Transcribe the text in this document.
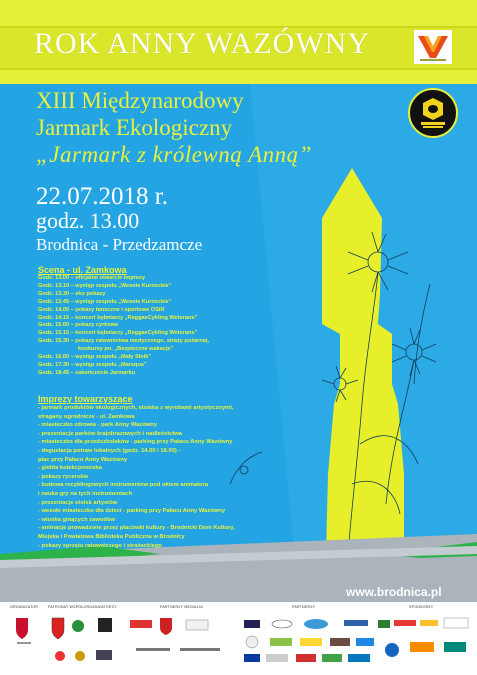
ROK ANNY WAZÓWNY
XIII Międzynarodowy
Jarmark Ekologiczny
„Jarmark z królewną Anną”
22.07.2018 r.
godz. 13.00
Brodnica - Przedzamcze
Scena - ul. Zamkowa
Godz. 13.00 – oficjalne otwarcie imprezy
Godz. 13.10 – występ zespołu „Wesele Kurneckie”
Godz. 13.30 – eko pokazy
Godz. 13.45 – występ zespołu „Wesele Kurneckie”
Godz. 14.00 – pokazy taneczne i sportowe OSiR
Godz. 14.15 – koncert bębniarzy „ReggaeCykling Weterans”
Godz. 15.00 – pokazy cyrkowe
Godz. 15.15 – koncert bębniarzy „ReggaeCykling Weterans”
Godz. 15.30 – pokazy ratownictwa medycznego, straży pożarnej,
konkursy pn. „Bezpieczne wakacje”
Godz. 16.00 – występ zespołu „Mały Słoik”
Godz. 17.30 – występ zespołu „Marequs”
Godz. 18.45 – zakończenie Jarmarku
Imprezy towarzyszące
- jarmark produktów ekologicznych, stoiska z wyrobami artystycznymi,
stragany ogrodnicze - ul. Zamkowa
- miasteczko zdrowia - park Anny Wazówny
- prezentacje parków krajobrazowych i nadleśnictwa
- miasteczko dla przedszkolaków - parking przy Pałacu Anny Wazówny
- degustacja potraw lokalnych (godz. 14.00 i 16.00) -
plac przy Pałacu Anny Wazówny
- giełda kolekcjonerska
- pokazy rycerskie
- budowa recyklingowych instrumentów pod okiem animatora
i nauka gry na tych instrumentach
- prezentacje stoisk artystów
- wesołe miasteczko dla dzieci - parking przy Pałacu Anny Wazówny
- wioska ginących zawodów
- animacje prowadzone przez placówki kultury - Brodnicki Dom Kultury,
Miejska i Powiatowa Biblioteka Publiczna w Brodnicy
- pokazy sprzętu ratowniczego i strażackiego
www.brodnica.pl
ORGANIZATOR	PATRONAT WSPÓŁORGANIZATORZY	PARTNERZY MEDIALNI	PARTNERZY	SPONSORZY
